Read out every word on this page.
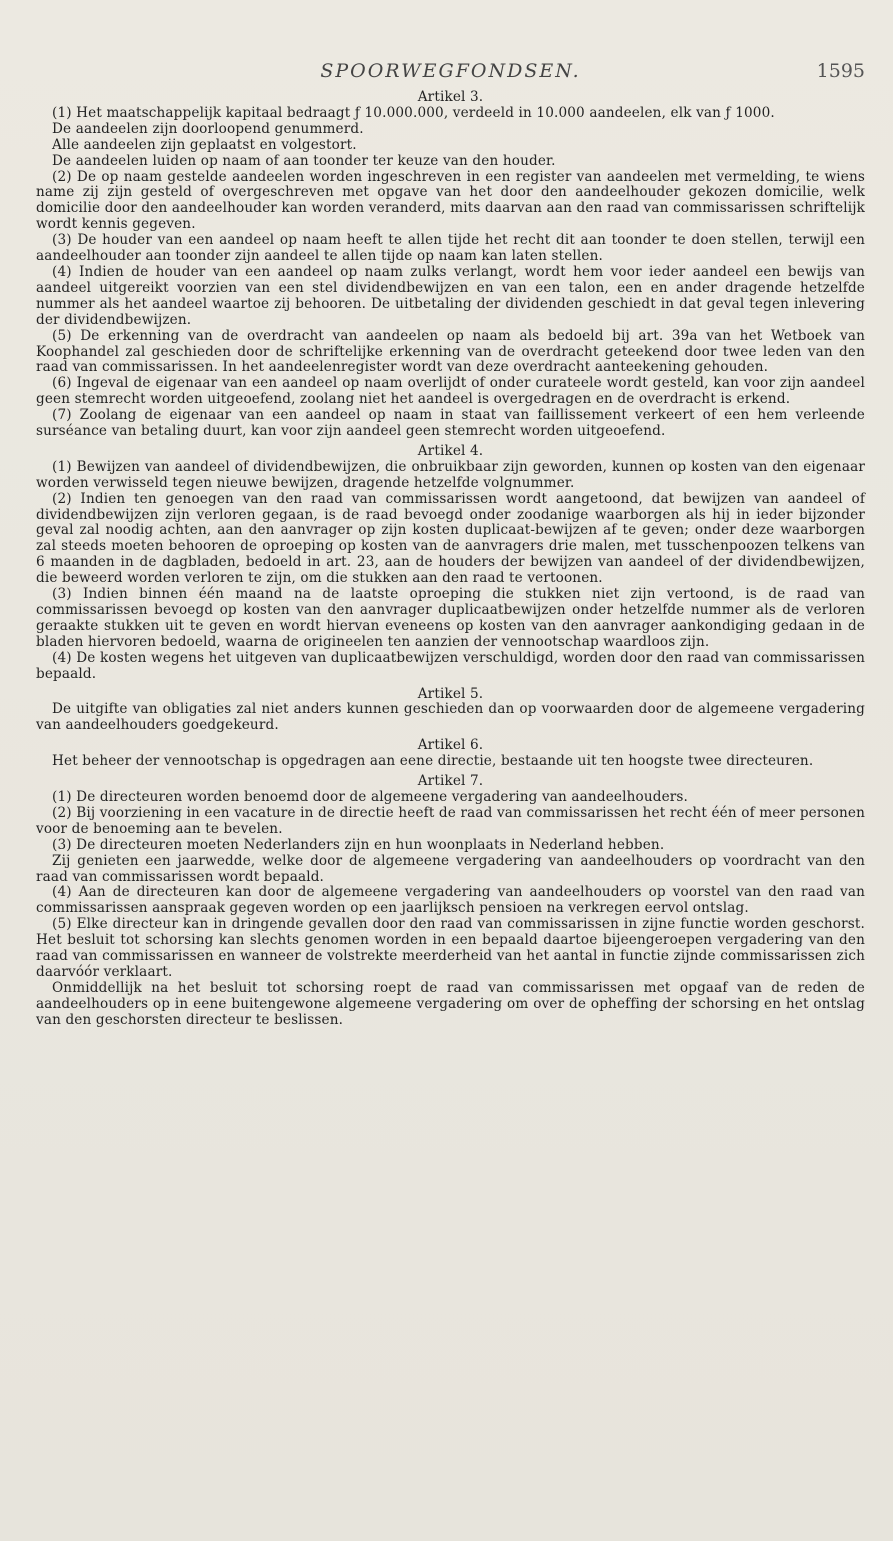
SPOORWEGFONDSEN.	1595
Artikel 3.

(1) Het maatschappelijk kapitaal bedraagt ƒ 10.000.000, verdeeld in 10.000 aandeelen, elk van ƒ 1000.

De aandeelen zijn doorloopend genummerd.

Alle aandeelen zijn geplaatst en volgestort.

De aandeelen luiden op naam of aan toonder ter keuze van den houder.

(2) De op naam gestelde aandeelen worden ingeschreven in een register van aandeelen met vermelding, te wiens name zij zijn gesteld of overgeschreven met opgave van het door den aandeelhouder gekozen domicilie, welk domicilie door den aandeelhouder kan worden veranderd, mits daarvan aan den raad van commissarissen schriftelijk wordt kennis gegeven.

(3) De houder van een aandeel op naam heeft te allen tijde het recht dit aan toonder te doen stellen, terwijl een aandeelhouder aan toonder zijn aandeel te allen tijde op naam kan laten stellen.

(4) Indien de houder van een aandeel op naam zulks verlangt, wordt hem voor ieder aandeel een bewijs van aandeel uitgereikt voorzien van een stel dividendbewijzen en van een talon, een en ander dragende hetzelfde nummer als het aandeel waartoe zij behooren. De uitbetaling der dividenden geschiedt in dat geval tegen inlevering der dividendbewijzen.

(5) De erkenning van de overdracht van aandeelen op naam als bedoeld bij art. 39a van het Wetboek van Koophandel zal geschieden door de schriftelijke erkenning van de overdracht geteekend door twee leden van den raad van commissarissen. In het aandeelenregister wordt van deze overdracht aanteekening gehouden.

(6) Ingeval de eigenaar van een aandeel op naam overlijdt of onder curateele wordt gesteld, kan voor zijn aandeel geen stemrecht worden uitgeoefend, zoolang niet het aandeel is overgedragen en de overdracht is erkend.

(7) Zoolang de eigenaar van een aandeel op naam in staat van faillissement verkeert of een hem verleende surséance van betaling duurt, kan voor zijn aandeel geen stemrecht worden uitgeoefend.

Artikel 4.

(1) Bewijzen van aandeel of dividendbewijzen, die onbruikbaar zijn geworden, kunnen op kosten van den eigenaar worden verwisseld tegen nieuwe bewijzen, dragende hetzelfde volgnummer.

(2) Indien ten genoegen van den raad van commissarissen wordt aangetoond, dat bewijzen van aandeel of dividendbewijzen zijn verloren gegaan, is de raad bevoegd onder zoodanige waarborgen als hij in ieder bijzonder geval zal noodig achten, aan den aanvrager op zijn kosten duplicaat-bewijzen af te geven; onder deze waarborgen zal steeds moeten behooren de oproeping op kosten van de aanvragers drie malen, met tusschenpoozen telkens van 6 maanden in de dagbladen, bedoeld in art. 23, aan de houders der bewijzen van aandeel of der dividendbewijzen, die beweerd worden verloren te zijn, om die stukken aan den raad te vertoonen.

(3) Indien binnen één maand na de laatste oproeping die stukken niet zijn vertoond, is de raad van commissarissen bevoegd op kosten van den aanvrager duplicaatbewijzen onder hetzelfde nummer als de verloren geraakte stukken uit te geven en wordt hiervan eveneens op kosten van den aanvrager aankondiging gedaan in de bladen hiervoren bedoeld, waarna de origineelen ten aanzien der vennootschap waardloos zijn.

(4) De kosten wegens het uitgeven van duplicaatbewijzen verschuldigd, worden door den raad van commissarissen bepaald.

Artikel 5.

De uitgifte van obligaties zal niet anders kunnen geschieden dan op voorwaarden door de algemeene vergadering van aandeelhouders goedgekeurd.

Artikel 6.

Het beheer der vennootschap is opgedragen aan eene directie, bestaande uit ten hoogste twee directeuren.

Artikel 7.

(1) De directeuren worden benoemd door de algemeene vergadering van aandeelhouders.

(2) Bij voorziening in een vacature in de directie heeft de raad van commissarissen het recht één of meer personen voor de benoeming aan te bevelen.

(3) De directeuren moeten Nederlanders zijn en hun woonplaats in Nederland hebben.

Zij genieten een jaarwedde, welke door de algemeene vergadering van aandeelhouders op voordracht van den raad van commissarissen wordt bepaald.

(4) Aan de directeuren kan door de algemeene vergadering van aandeelhouders op voorstel van den raad van commissarissen aanspraak gegeven worden op een jaarlijksch pensioen na verkregen eervol ontslag.

(5) Elke directeur kan in dringende gevallen door den raad van commissarissen in zijne functie worden geschorst. Het besluit tot schorsing kan slechts genomen worden in een bepaald daartoe bijeengeroepen vergadering van den raad van commissarissen en wanneer de volstrekte meerderheid van het aantal in functie zijnde commissarissen zich daarvóór verklaart.

Onmiddellijk na het besluit tot schorsing roept de raad van commissarissen met opgaaf van de reden de aandeelhouders op in eene buitengewone algemeene vergadering om over de opheffing der schorsing en het ontslag van den geschorsten directeur te beslissen.
